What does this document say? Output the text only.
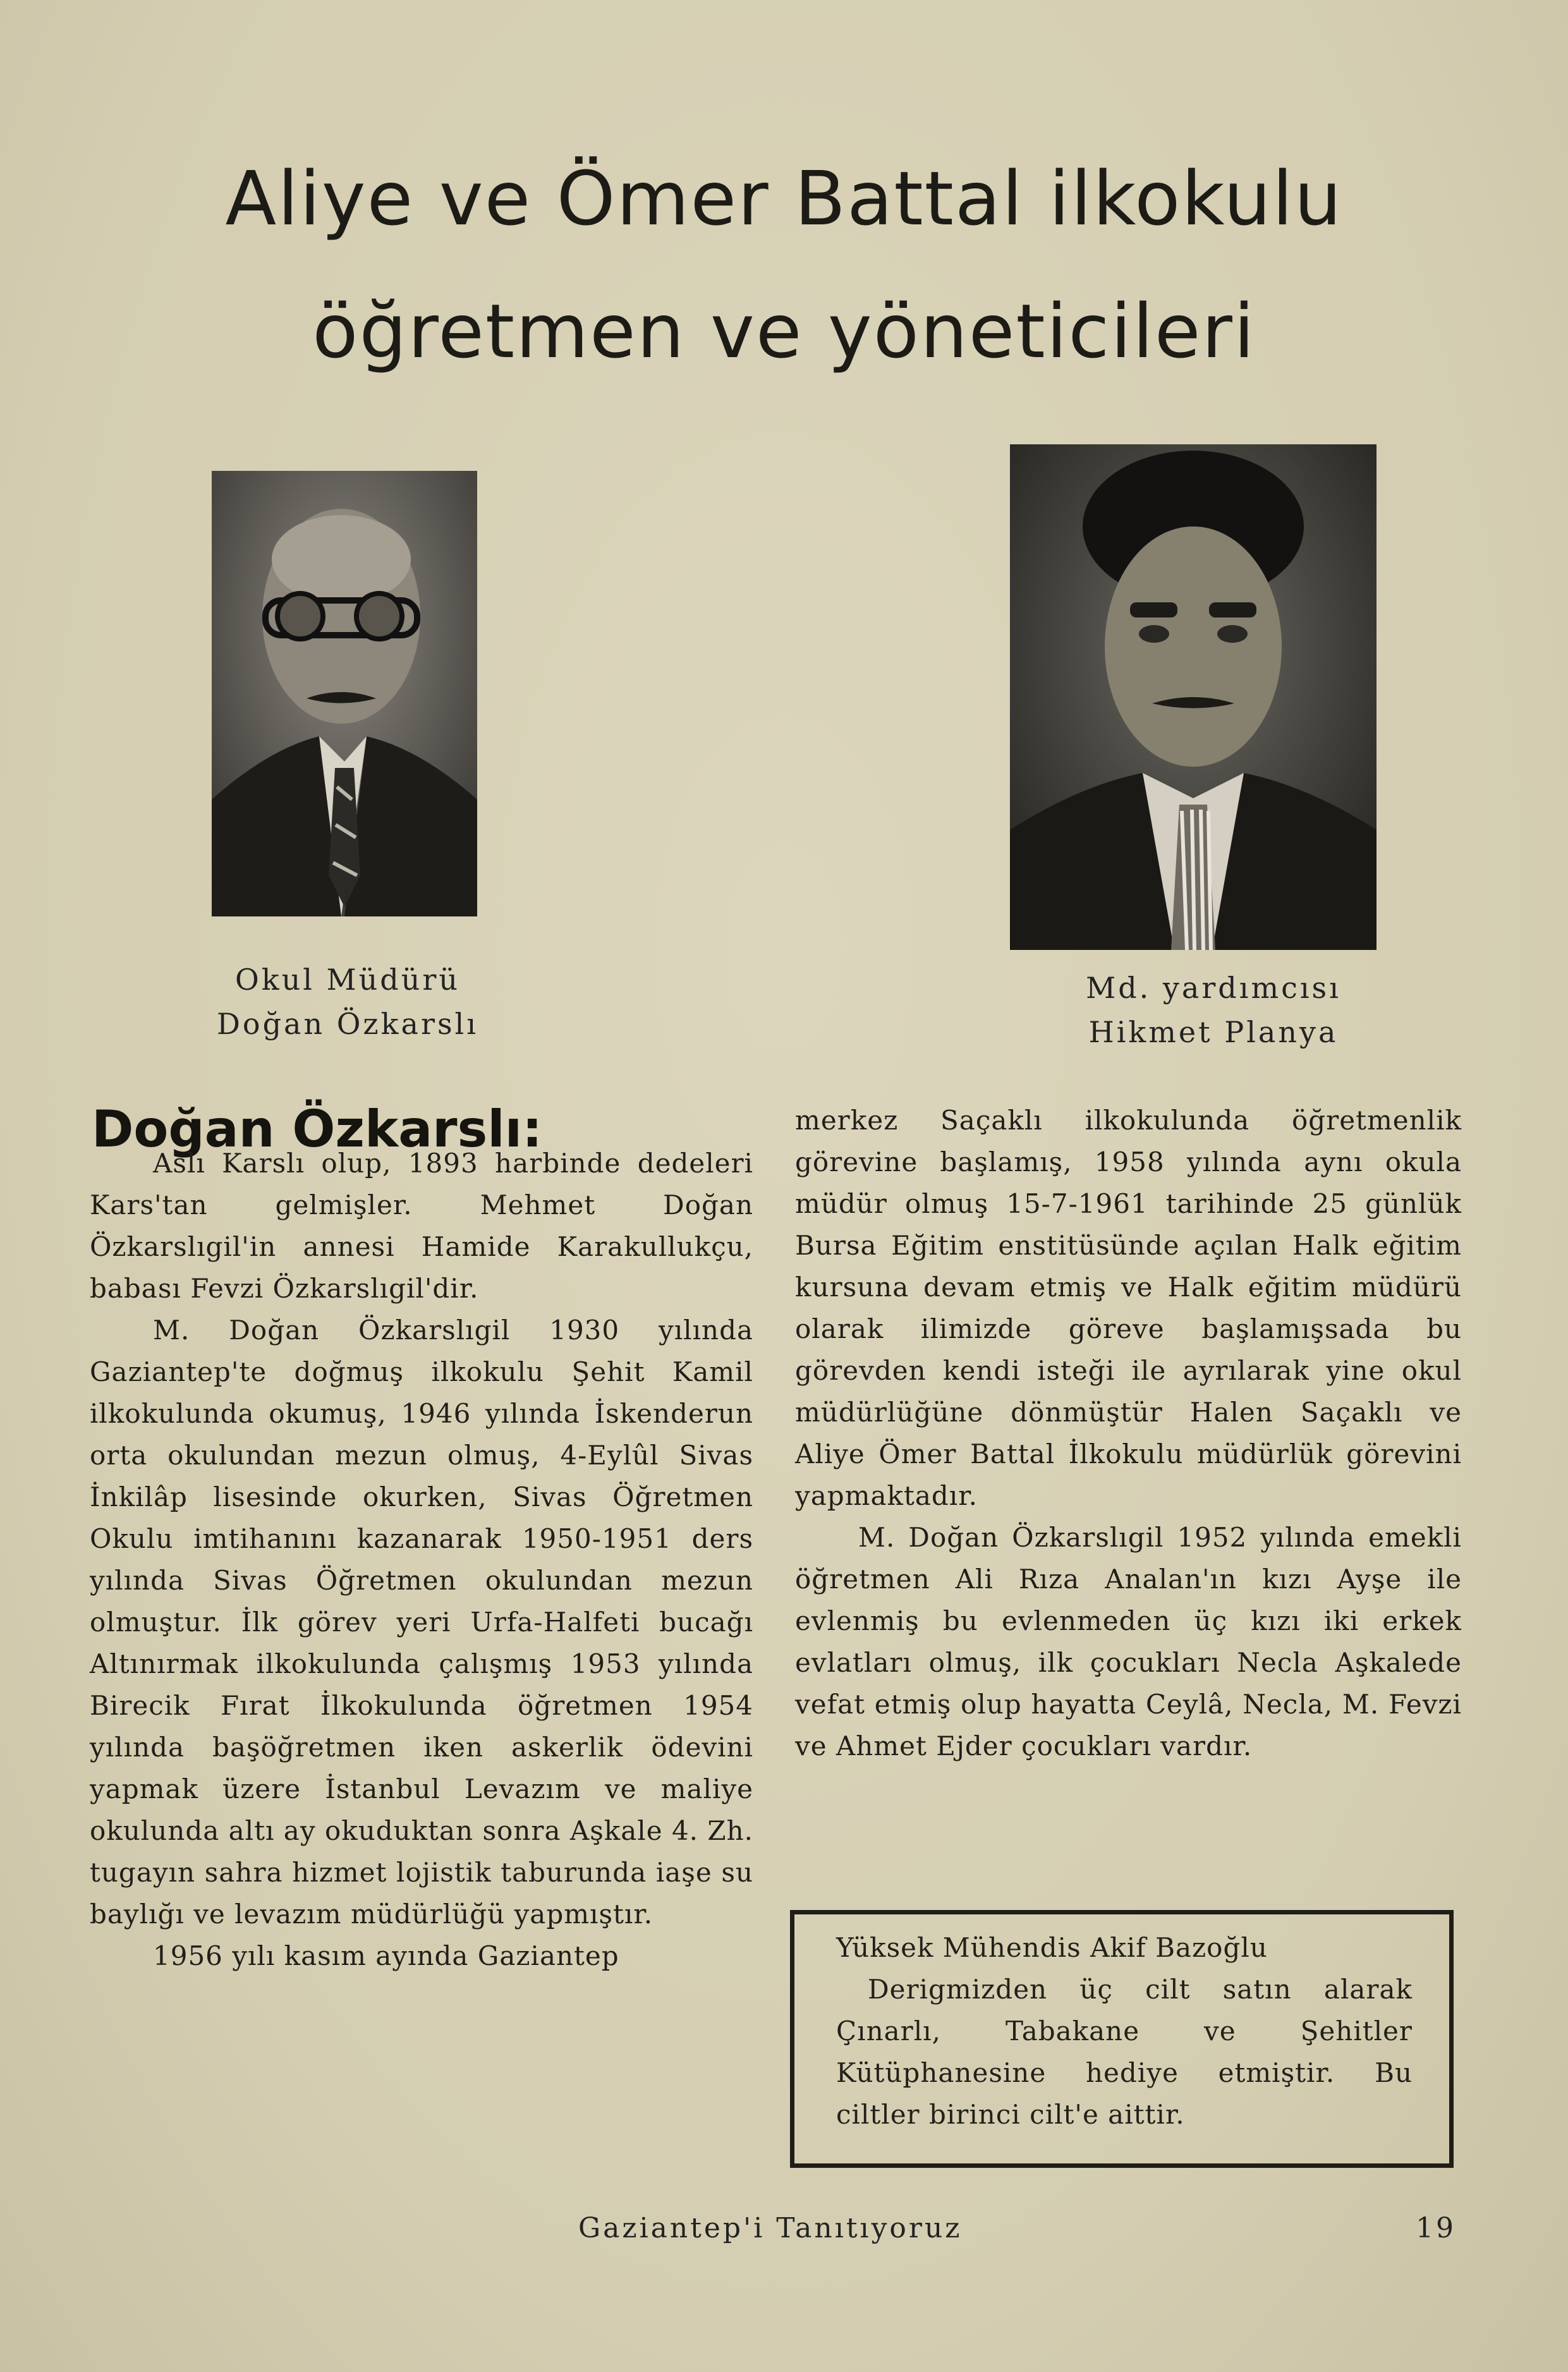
Aliye ve Ömer Battal ilkokulu
öğretmen ve yöneticileri
Okul Müdürü
Doğan Özkarslı
Md. yardımcısı
Hikmet Planya
Doğan Özkarslı:

Aslı Karslı olup, 1893 harbinde dedeleri Kars'tan gelmişler. Mehmet Doğan Özkarslıgil'in annesi Hamide Karakullukçu, babası Fevzi Özkarslıgil'dir.

M. Doğan Özkarslıgil 1930 yılında Gaziantep'te doğmuş ilkokulu Şehit Kamil ilkokulunda okumuş, 1946 yılında İskenderun orta okulundan mezun olmuş, 4-Eylûl Sivas İnkilâp lisesinde okurken, Sivas Öğretmen Okulu imtihanını kazanarak 1950-1951 ders yılında Sivas Öğretmen okulundan mezun olmuştur. İlk görev yeri Urfa-Halfeti bucağı Altınırmak ilkokulunda çalışmış 1953 yılında Birecik Fırat İlkokulunda öğretmen 1954 yılında başöğretmen iken askerlik ödevini yapmak üzere İstanbul Levazım ve maliye okulunda altı ay okuduktan sonra Aşkale 4. Zh. tugayın sahra hizmet lojistik taburunda iaşe su baylığı ve levazım müdürlüğü yapmıştır.

1956 yılı kasım ayında Gaziantep

merkez Saçaklı ilkokulunda öğretmenlik görevine başlamış, 1958 yılında aynı okula müdür olmuş 15-7-1961 tarihinde 25 günlük Bursa Eğitim enstitüsünde açılan Halk eğitim kursuna devam etmiş ve Halk eğitim müdürü olarak ilimizde göreve başlamışsada bu görevden kendi isteği ile ayrılarak yine okul müdürlüğüne dönmüştür Halen Saçaklı ve Aliye Ömer Battal İlkokulu müdürlük görevini yapmaktadır.

M. Doğan Özkarslıgil 1952 yılında emekli öğretmen Ali Rıza Analan'ın kızı Ayşe ile evlenmiş bu evlenmeden üç kızı iki erkek evlatları olmuş, ilk çocukları Necla Aşkalede vefat etmiş olup hayatta Ceylâ, Necla, M. Fevzi ve Ahmet Ejder çocukları vardır.

Yüksek Mühendis Akif Bazoğlu

Derigmizden üç cilt satın alarak Çınarlı, Tabakane ve Şehitler Kütüphanesine hediye etmiştir. Bu ciltler birinci cilt'e aittir.

Gaziantep'i Tanıtıyoruz	19
